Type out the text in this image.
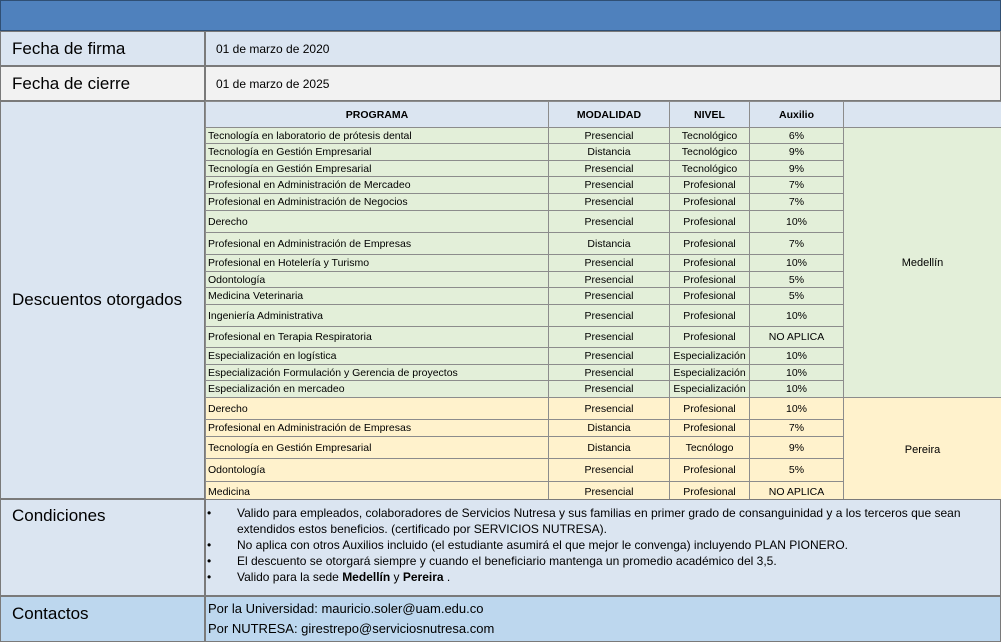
Fecha de firma	01 de marzo de 2020
Fecha de cierre	01 de marzo de 2025
Descuentos otorgados
PROGRAMA	MODALIDAD	NIVEL	Auxilio	
Tecnología en laboratorio de prótesis dental	Presencial	Tecnológico	6%	Medellín
Tecnología en Gestión Empresarial	Distancia	Tecnológico	9%	
Tecnología en Gestión Empresarial	Presencial	Tecnológico	9%	
Profesional en Administración de Mercadeo	Presencial	Profesional	7%	
Profesional en Administración de Negocios	Presencial	Profesional	7%	
Derecho	Presencial	Profesional	10%	
Profesional en Administración de Empresas	Distancia	Profesional	7%	
Profesional en Hotelería y Turismo	Presencial	Profesional	10%	
Odontología	Presencial	Profesional	5%	
Medicina Veterinaria	Presencial	Profesional	5%	
Ingeniería Administrativa	Presencial	Profesional	10%	
Profesional en Terapia Respiratoria	Presencial	Profesional	NO APLICA	
Especialización en logística	Presencial	Especialización	10%	
Especialización Formulación y Gerencia de proyectos	Presencial	Especialización	10%	
Especialización en mercadeo	Presencial	Especialización	10%	
Derecho	Presencial	Profesional	10%	Pereira
Profesional en Administración de Empresas	Distancia	Profesional	7%	
Tecnología en Gestión Empresarial	Distancia	Tecnólogo	9%	
Odontología	Presencial	Profesional	5%	
Medicina	Presencial	Profesional	NO APLICA	
Condiciones	• Valido para empleados, colaboradores de Servicios Nutresa y sus familias en primer grado de consanguinidad y a los terceros que sean extendidos estos beneficios. (certificado por SERVICIOS NUTRESA).
• No aplica con otros Auxilios incluido (el estudiante asumirá el que mejor le convenga) incluyendo PLAN PIONERO.
• El descuento se otorgará siempre y cuando el beneficiario mantenga un promedio académico del 3,5.
• Valido para la sede Medellín y Pereira .
Contactos	Por la Universidad: mauricio.soler@uam.edu.co
Por NUTRESA: girestrepo@serviciosnutresa.com
